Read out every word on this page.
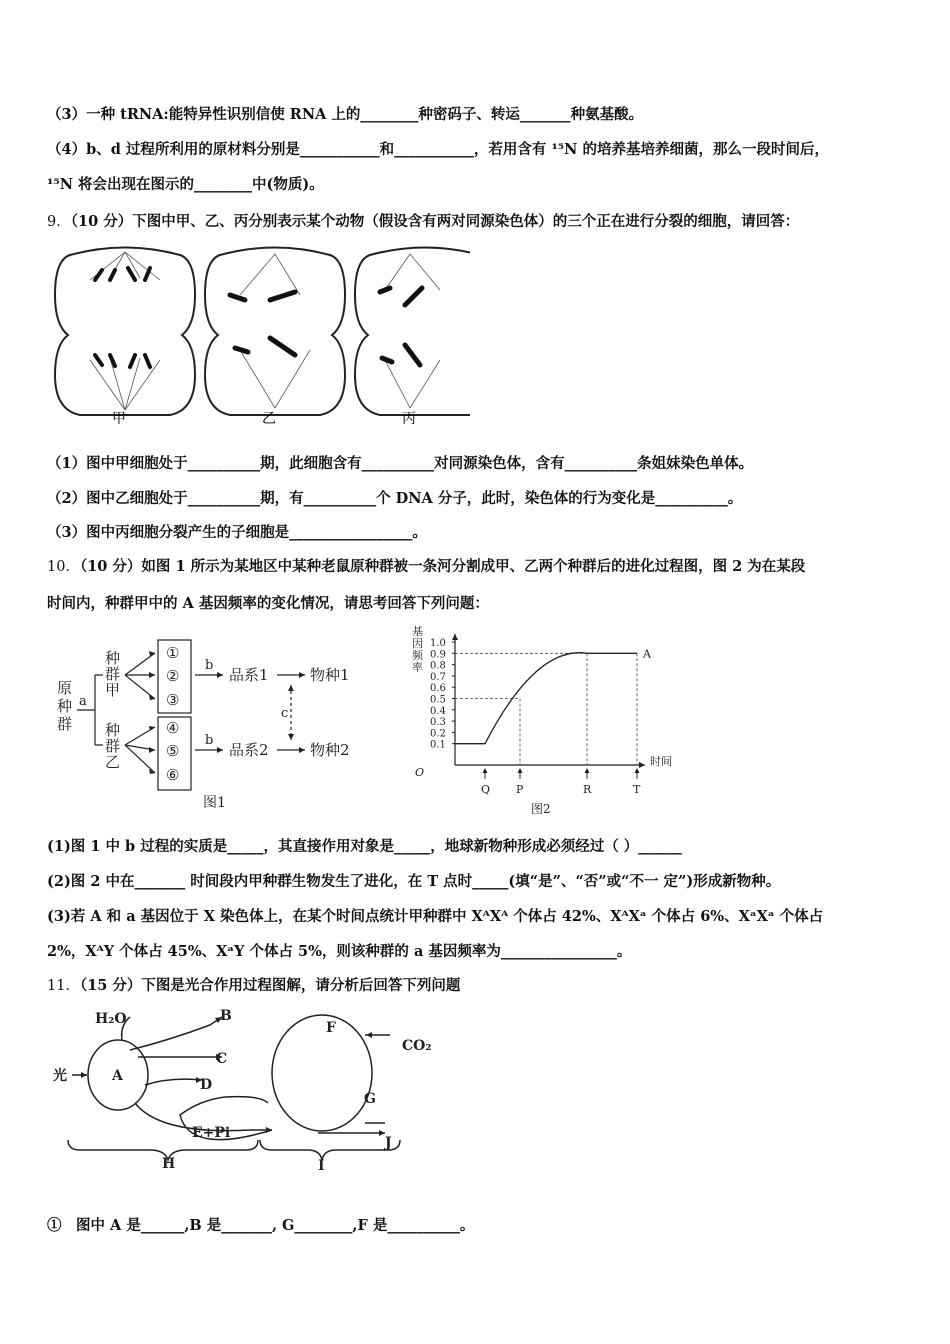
（3）一种 tRNA:能特异性识别信使 RNA 上的________种密码子、转运_______种氨基酸。
（4）b、d 过程所利用的原材料分别是___________和___________，若用含有 ¹⁵N 的培养基培养细菌，那么一段时间后，
¹⁵N 将会出现在图示的________中(物质)。
9．（10 分）下图中甲、乙、丙分别表示某个动物（假设含有两对同源染色体）的三个正在进行分裂的细胞，请回答：
甲	乙	丙
（1）图中甲细胞处于__________期，此细胞含有__________对同源染色体，含有__________条姐妹染色单体。
（2）图中乙细胞处于__________期，有__________个 DNA 分子，此时，染色体的行为变化是__________。
（3）图中丙细胞分裂产生的子细胞是_________________。
10．（10 分）如图 1 所示为某地区中某种老鼠原种群被一条河分割成甲、乙两个种群后的进化过程图，图 2 为在某段
时间内，种群甲中的 A 基因频率的变化情况，请思考回答下列问题：
原
种
群
a
种
群
甲
种
群
乙
①
②
③
④
⑤
⑥
b
b
品系1
品系2
物种1
物种2
c
图1
基
因
频
率
O
时间
图2
1.0
0.9
0.8
0.7
0.6
0.5
0.4
0.3
0.2
0.1
Q P	R	T
A
(1)图 1 中 b 过程的实质是_____，其直接作用对象是_____，地球新物种形成必须经过（ ）______
(2)图 2 中在_______ 时间段内甲种群生物发生了进化，在 T 点时_____(填“是”、“否”或“不一 定”)形成新物种。
(3)若 A 和 a 基因位于 X 染色体上，在某个时间点统计甲种群中 XᴬXᴬ 个体占 42%、XᴬXᵃ 个体占 6%、XᵃXᵃ 个体占
2%，XᴬY 个体占 45%、XᵃY 个体占 5%，则该种群的 a 基因频率为________________。
11．（15 分）下图是光合作用过程图解，请分析后回答下列问题
H₂O	B
C
D
光	A
E+Pi
F
CO₂
G
J
H	I
①　图中 A 是______,B 是_______, G________,F 是__________。
